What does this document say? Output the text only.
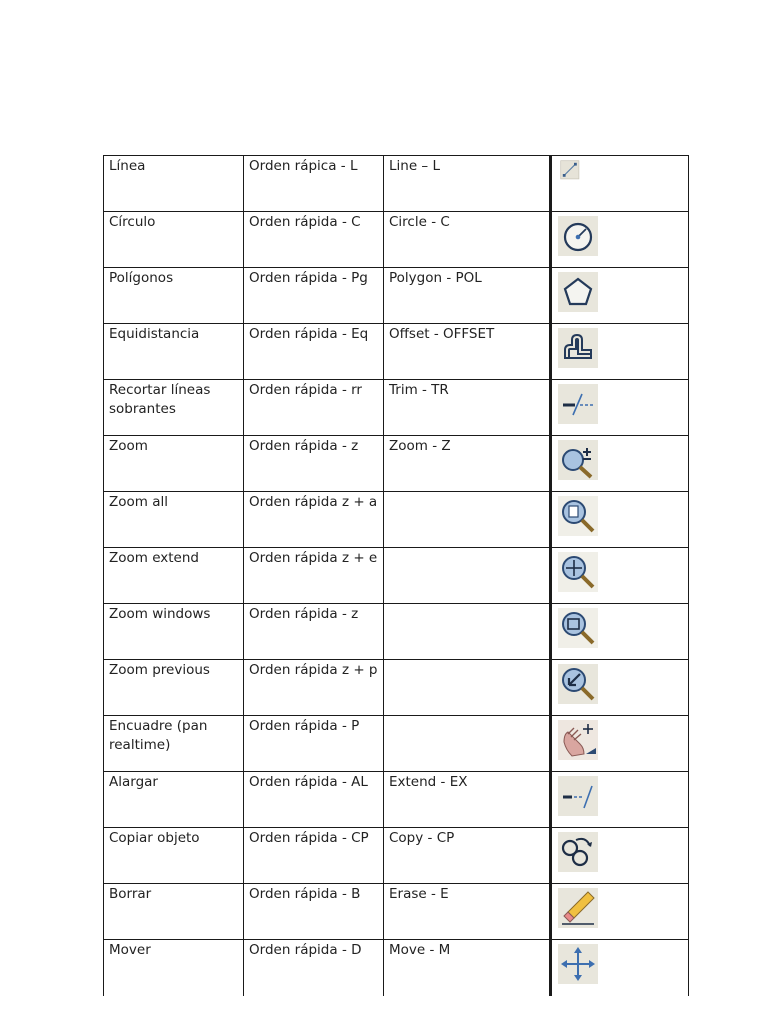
Línea	Orden rápica - L	Line – L	

Círculo	Orden rápida - C	Circle - C	

Polígonos	Orden rápida - Pg	Polygon - POL	

Equidistancia	Orden rápida - Eq	Offset - OFFSET	

Recortar líneas sobrantes	Orden rápida - rr	Trim - TR	

Zoom	Orden rápida - z	Zoom - Z	

Zoom all	Orden rápida z + a		

Zoom extend	Orden rápida z + e		

Zoom windows	Orden rápida - z		

Zoom previous	Orden rápida z + p		

Encuadre (pan realtime)	Orden rápida - P		

Alargar	Orden rápida - AL	Extend - EX	

Copiar objeto	Orden rápida - CP	Copy - CP	

Borrar	Orden rápida - B	Erase - E	

Mover	Orden rápida - D	Move - M	
